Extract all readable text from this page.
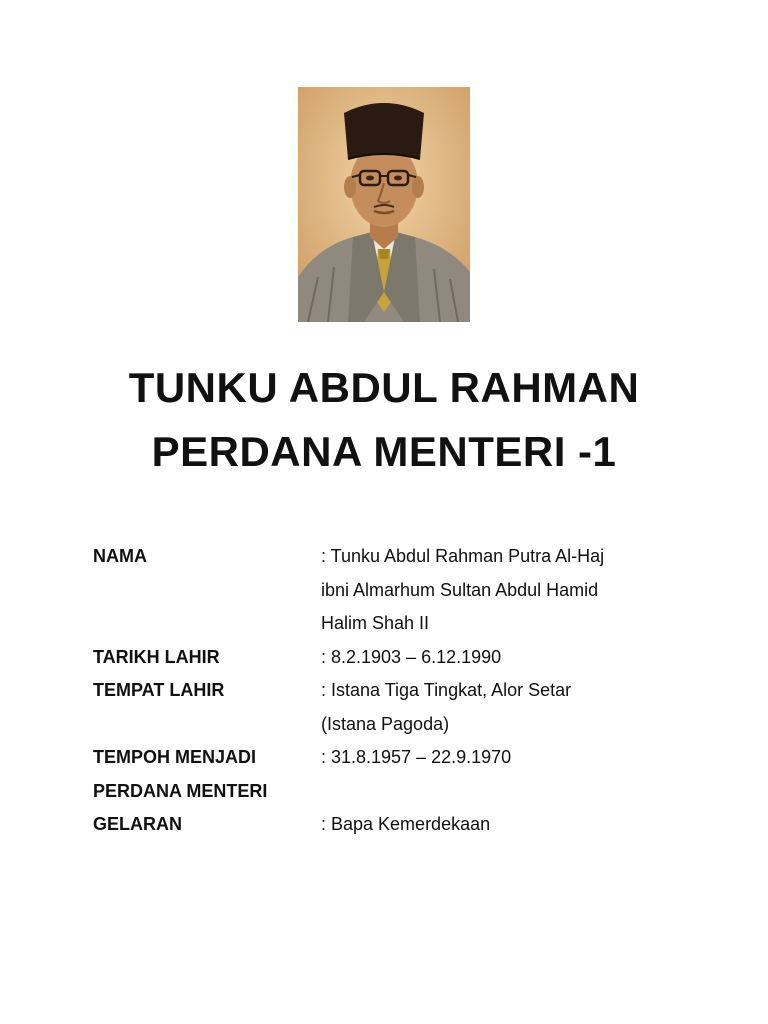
TUNKU ABDUL RAHMAN
PERDANA MENTERI -1
NAMA	: Tunku Abdul Rahman Putra Al-Haj
ibni Almarhum Sultan Abdul Hamid
Halim Shah II
TARIKH LAHIR	: 8.2.1903 – 6.12.1990
TEMPAT LAHIR	: Istana Tiga Tingkat, Alor Setar
(Istana Pagoda)
TEMPOH MENJADI	: 31.8.1957 – 22.9.1970
PERDANA MENTERI

GELARAN	: Bapa Kemerdekaan
